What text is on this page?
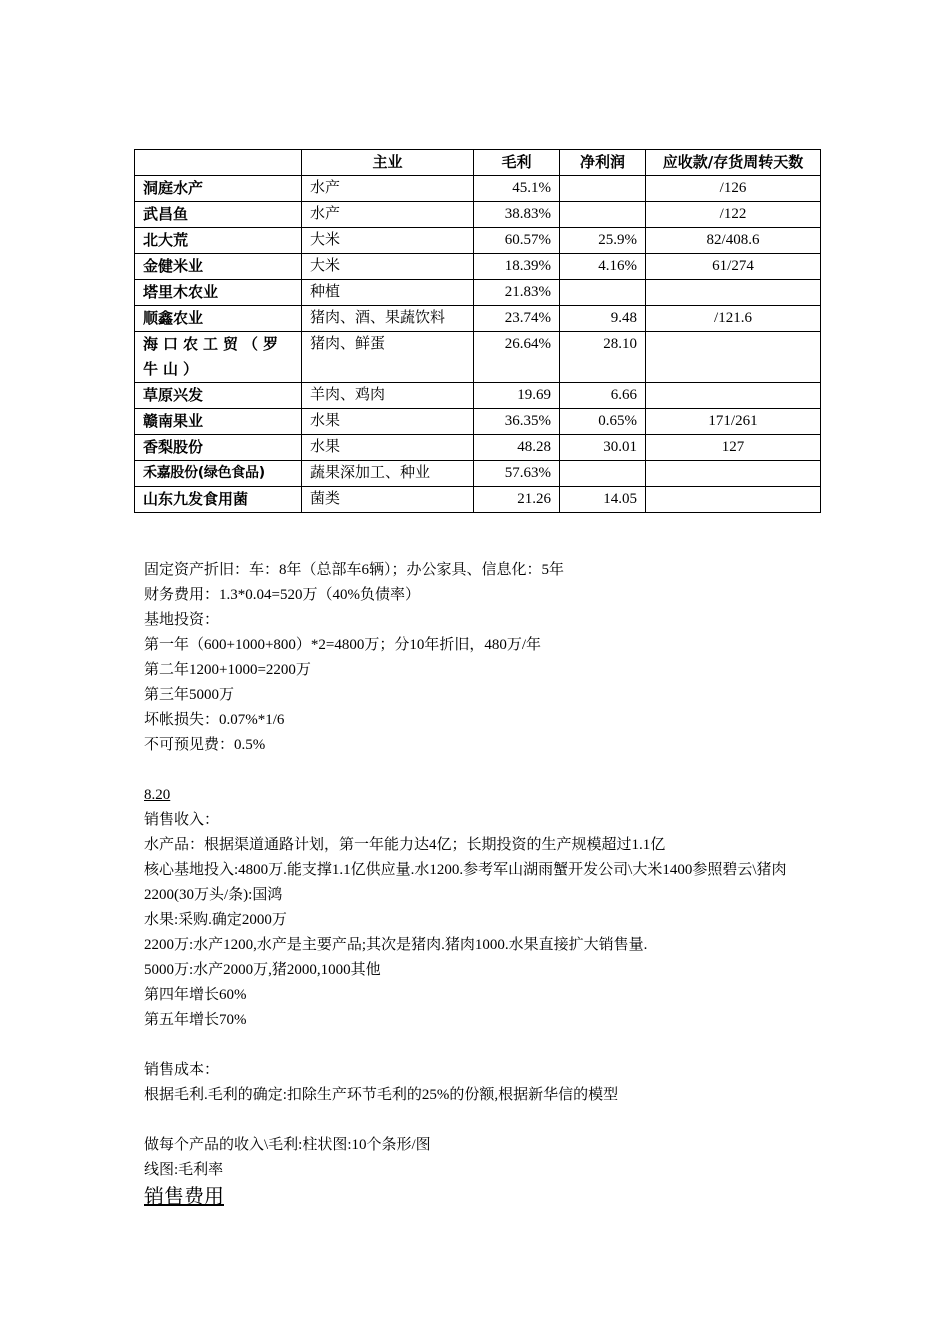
	主业	毛利	净利润	应收款/存货周转天数
洞庭水产	水产	45.1%		/126
武昌鱼	水产	38.83%		/122
北大荒	大米	60.57%	25.9%	82/408.6
金健米业	大米	18.39%	4.16%	61/274
塔里木农业	种植	21.83%		
顺鑫农业	猪肉、酒、果蔬饮料	23.74%	9.48	/121.6
海口农工贸（罗牛山）	猪肉、鲜蛋	26.64%	28.10	
草原兴发	羊肉、鸡肉	19.69	6.66	
赣南果业	水果	36.35%	0.65%	171/261
香梨股份	水果	48.28	30.01	127
禾嘉股份(绿色食品)	蔬果深加工、种业	57.63%		
山东九发食用菌	菌类	21.26	14.05	
固定资产折旧：车：8年（总部车6辆）；办公家具、信息化：5年
财务费用：1.3*0.04=520万（40%负债率）
基地投资：
第一年（600+1000+800）*2=4800万；分10年折旧，480万/年
第二年1200+1000=2200万
第三年5000万
坏帐损失：0.07%*1/6
不可预见费：0.5%
8.20
销售收入：
水产品：根据渠道通路计划，第一年能力达4亿；长期投资的生产规模超过1.1亿
核心基地投入:4800万.能支撑1.1亿供应量.水1200.参考军山湖雨蟹开发公司\大米1400参照碧云\猪肉2200(30万头/条):国鸿
水果:采购.确定2000万
2200万:水产1200,水产是主要产品;其次是猪肉.猪肉1000.水果直接扩大销售量.
5000万:水产2000万,猪2000,1000其他
第四年增长60%
第五年增长70%
销售成本：
根据毛利.毛利的确定:扣除生产环节毛利的25%的份额,根据新华信的模型
做每个产品的收入\毛利:柱状图:10个条形/图
线图:毛利率
销售费用
